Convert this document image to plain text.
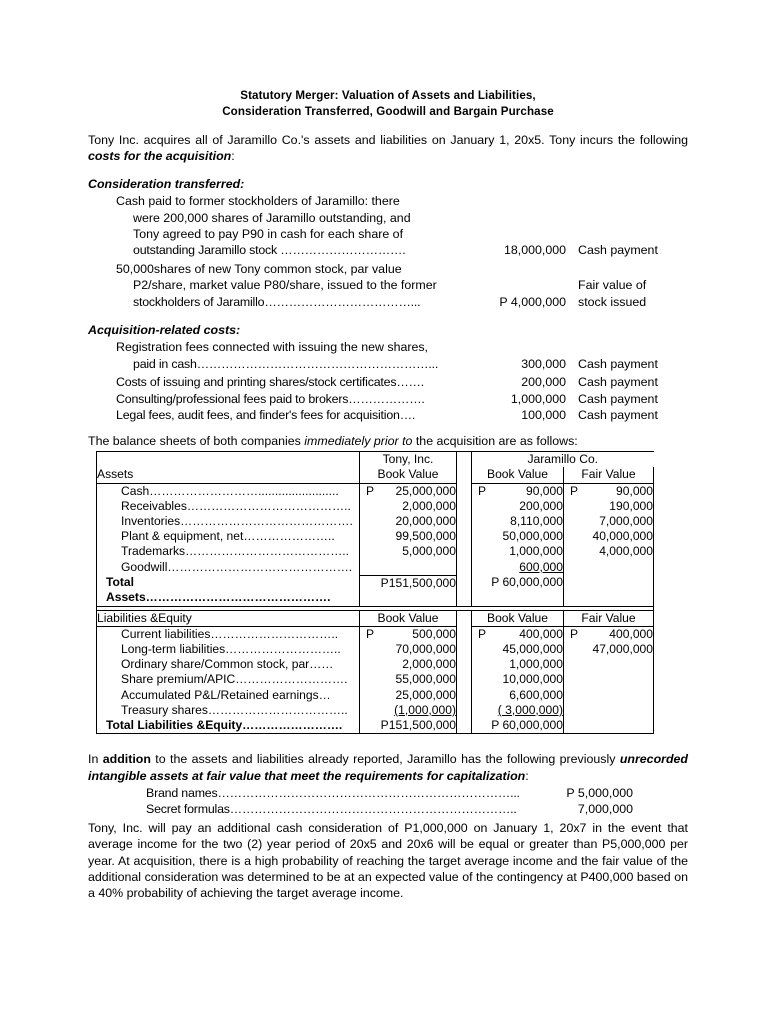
Statutory Merger: Valuation of Assets and Liabilities,
Consideration Transferred, Goodwill and Bargain Purchase

Tony Inc. acquires all of Jaramillo Co.'s assets and liabilities on January 1, 20x5. Tony incurs the following costs for the acquisition:

Consideration transferred:
Cash paid to former stockholders of Jaramillo: there
were 200,000 shares of Jaramillo outstanding, and
Tony agreed to pay P90 in cash for each share of
outstanding Jaramillo stock ………………………….	18,000,000 Cash payment
50,000shares of new Tony common stock, par value
P2/share, market value P80/share, issued to the former	Fair value of
stockholders of Jaramillo………………………………...	P 4,000,000 stock issued
Acquisition-related costs:
Registration fees connected with issuing the new shares,
paid in cash…………………………………………………...	300,000 Cash payment
Costs of issuing and printing shares/stock certificates…….	200,000 Cash payment
Consulting/professional fees paid to brokers……………….	1,000,000 Cash payment
Legal fees, audit fees, and finder's fees for acquisition….	100,000 Cash payment

The balance sheets of both companies immediately prior to the acquisition are as follows:

	Tony, Inc.		Jaramillo Co.	
Assets	Book Value		Book Value	Fair Value
Cash………………………........................	P 25,000,000		P 90,000	P 90,000
Receivables…………………………………..	2,000,000		200,000	190,000
Inventories…………………………………….	20,000,000		8,110,000	7,000,000
Plant & equipment, net…………………..	99,500,000		50,000,000	40,000,000
Trademarks…………………………………..	5,000,000		1,000,000	4,000,000
Goodwill……………………………………….			600,000	
Total Assets……………………………………….	P151,500,000		P 60,000,000	

Liabilities &Equity	Book Value		Book Value	Fair Value
Current liabilities…………………………..	P 500,000		P 400,000	P 400,000
Long-term liabilities………………………..	70,000,000		45,000,000	47,000,000
Ordinary share/Common stock, par……	2,000,000		1,000,000	
Share premium/APIC……………………….	55,000,000		10,000,000	
Accumulated P&L/Retained earnings…	25,000,000		6,600,000	
Treasury shares……………………………..	(1,000,000)		( 3,000,000)	
Total Liabilities &Equity…………………….	P151,500,000		P 60,000,000	

In addition to the assets and liabilities already reported, Jaramillo has the following previously unrecorded intangible assets at fair value that meet the requirements for capitalization:

Brand names………………………………………………………………...	P 5,000,000
Secret formulas……………………………………………………………..	7,000,000

Tony, Inc. will pay an additional cash consideration of P1,000,000 on January 1, 20x7 in the event that average income for the two (2) year period of 20x5 and 20x6 will be equal or greater than P5,000,000 per year. At acquisition, there is a high probability of reaching the target average income and the fair value of the additional consideration was determined to be at an expected value of the contingency at P400,000 based on a 40% probability of achieving the target average income.
